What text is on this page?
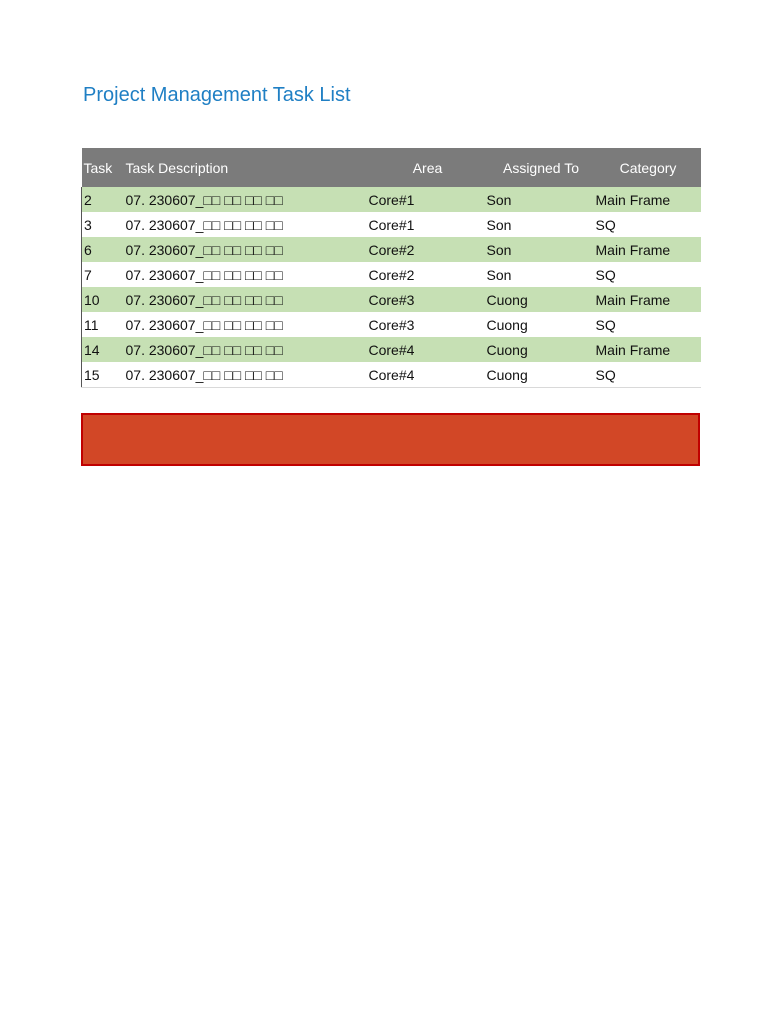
Project Management Task List
Task	Task Description	Area	Assigned To	Category
2	07. 230607_□□ □□ □□ □□	Core#1	Son	Main Frame
3	07. 230607_□□ □□ □□ □□	Core#1	Son	SQ
6	07. 230607_□□ □□ □□ □□	Core#2	Son	Main Frame
7	07. 230607_□□ □□ □□ □□	Core#2	Son	SQ
10	07. 230607_□□ □□ □□ □□	Core#3	Cuong	Main Frame
11	07. 230607_□□ □□ □□ □□	Core#3	Cuong	SQ
14	07. 230607_□□ □□ □□ □□	Core#4	Cuong	Main Frame
15	07. 230607_□□ □□ □□ □□	Core#4	Cuong	SQ
